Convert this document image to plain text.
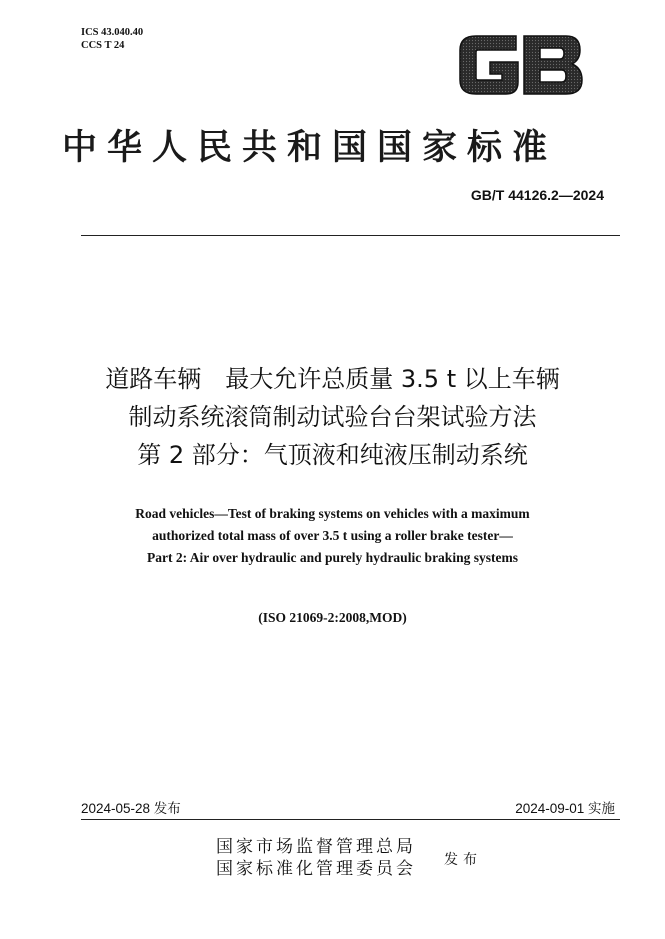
ICS 43.040.40
CCS T 24
GB
中华人民共和国国家标准
GB/T 44126.2—2024
道路车辆　最大允许总质量 3.5 t 以上车辆
制动系统滚筒制动试验台台架试验方法
第 2 部分：气顶液和纯液压制动系统
Road vehicles—Test of braking systems on vehicles with a maximum
authorized total mass of over 3.5 t using a roller brake tester—
Part 2: Air over hydraulic and purely hydraulic braking systems
(ISO 21069-2:2008,MOD)
2024-05-28 发布	2024-09-01 实施
国家市场监督管理总局
国家标准化管理委员会 发布
